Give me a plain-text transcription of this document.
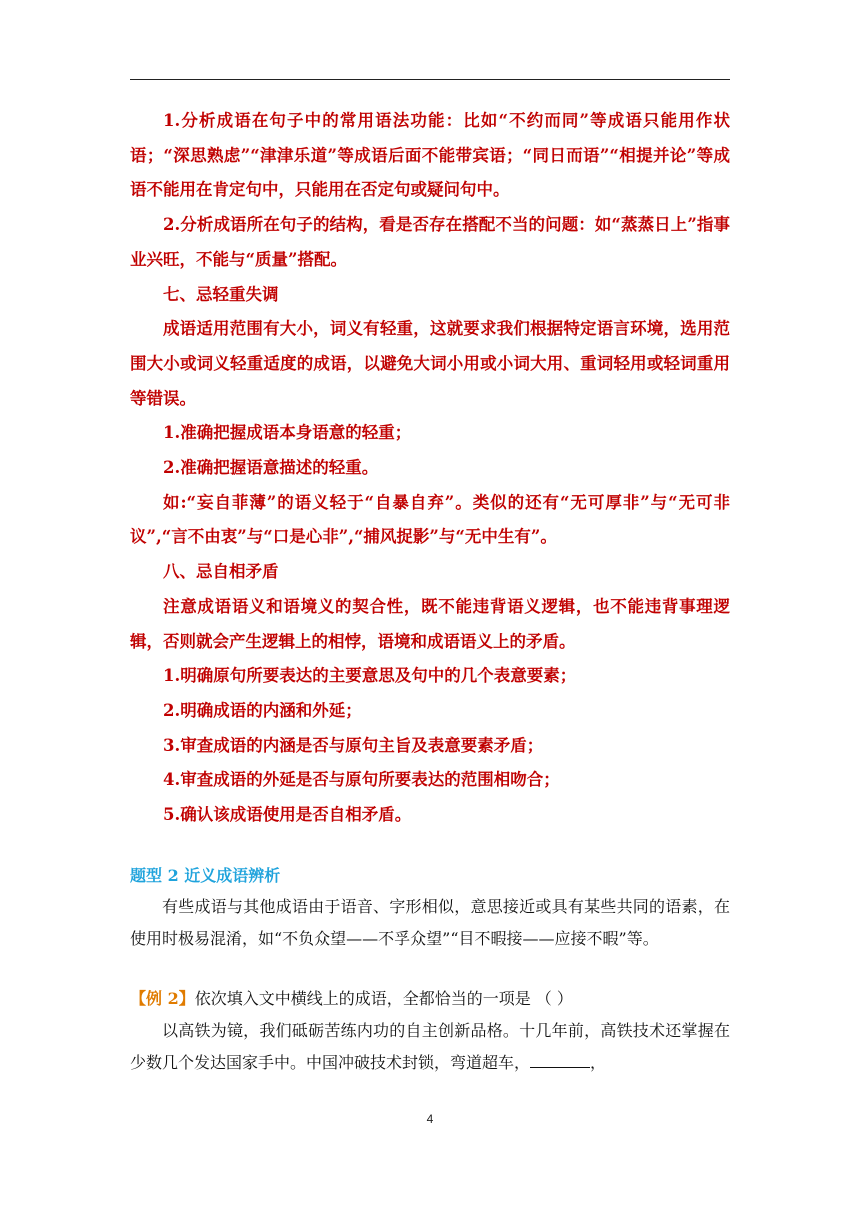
1.分析成语在句子中的常用语法功能：比如“不约而同”等成语只能用作状语；“深思熟虑”“津津乐道”等成语后面不能带宾语；“同日而语”“相提并论”等成语不能用在肯定句中，只能用在否定句或疑问句中。

2.分析成语所在句子的结构，看是否存在搭配不当的问题：如“蒸蒸日上”指事业兴旺，不能与“质量”搭配。

七、忌轻重失调

成语适用范围有大小，词义有轻重，这就要求我们根据特定语言环境，选用范围大小或词义轻重适度的成语，以避免大词小用或小词大用、重词轻用或轻词重用等错误。

1.准确把握成语本身语意的轻重；

2.准确把握语意描述的轻重。

如:“妄自菲薄”的语义轻于“自暴自弃”。类似的还有“无可厚非”与“无可非议”,“言不由衷”与“口是心非”,“捕风捉影”与“无中生有”。

八、忌自相矛盾

注意成语语义和语境义的契合性，既不能违背语义逻辑，也不能违背事理逻辑，否则就会产生逻辑上的相悖，语境和成语语义上的矛盾。

1.明确原句所要表达的主要意思及句中的几个表意要素；

2.明确成语的内涵和外延；

3.审查成语的内涵是否与原句主旨及表意要素矛盾；

4.审查成语的外延是否与原句所要表达的范围相吻合；

5.确认该成语使用是否自相矛盾。

题型 2 近义成语辨析

有些成语与其他成语由于语音、字形相似，意思接近或具有某些共同的语素，在使用时极易混淆，如“不负众望——不孚众望”“目不暇接——应接不暇”等。

【例 2】依次填入文中横线上的成语，全都恰当的一项是 （ ）

以高铁为镜，我们砥砺苦练内功的自主创新品格。十几年前，高铁技术还掌握在少数几个发达国家手中。中国冲破技术封锁，弯道超车，	，

4
